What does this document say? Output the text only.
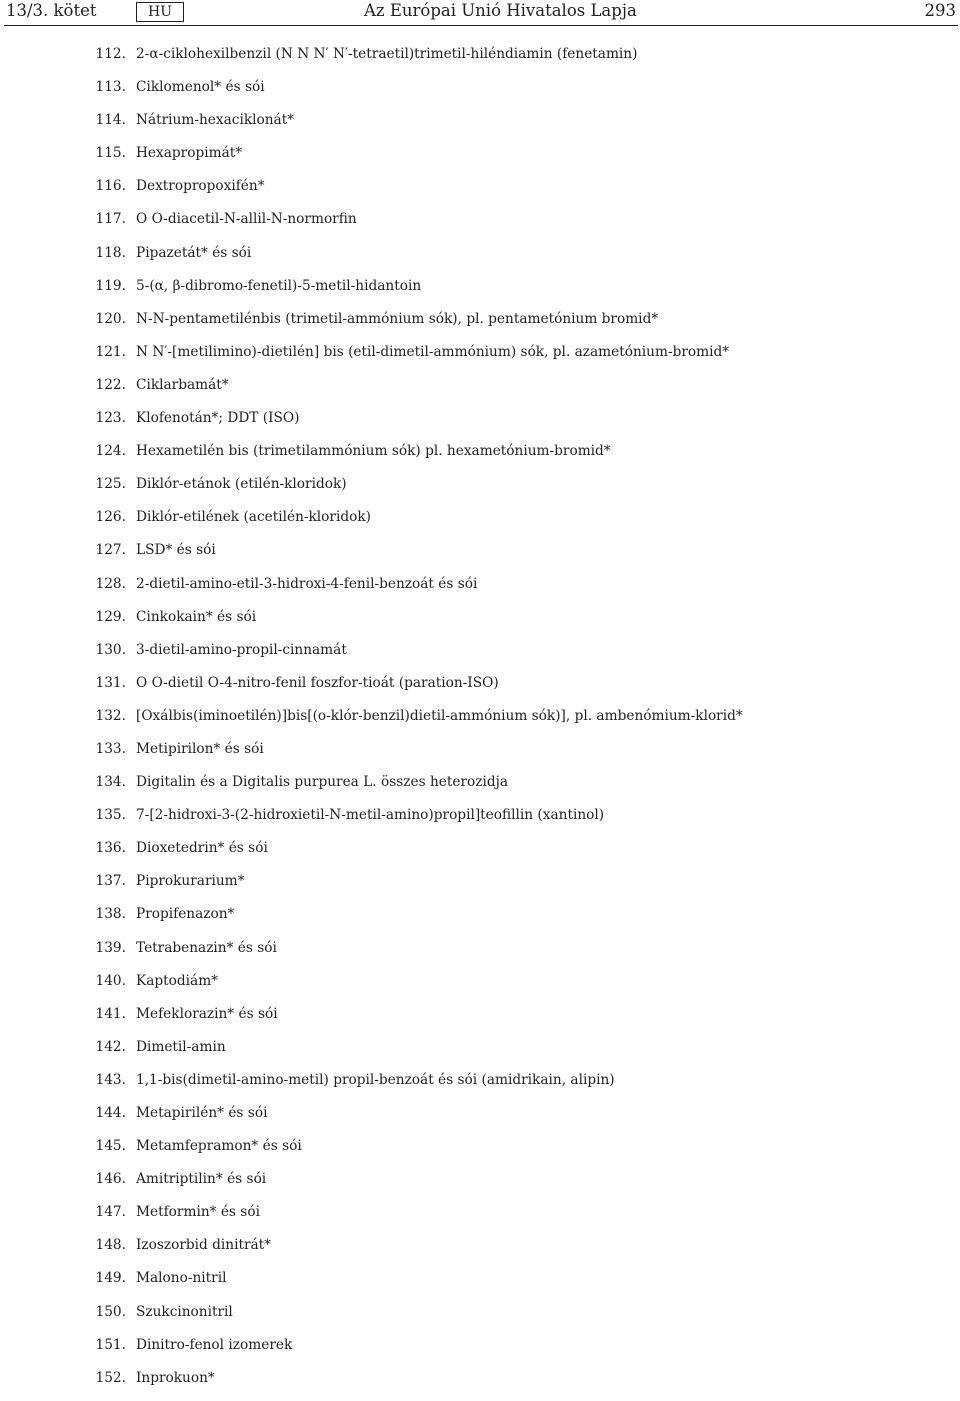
13/3. kötet	HU	Az Európai Unió Hivatalos Lapja	293
112. 2-α-ciklohexilbenzil (N N N′ N′-tetraetil)trimetil-hiléndiamin (fenetamin)
113. Ciklomenol* és sói
114. Nátrium-hexaciklonát*
115. Hexapropimát*
116. Dextropropoxifén*
117. O O-diacetil-N-allil-N-normorfin
118. Pipazetát* és sói
119. 5-(α, β-dibromo-fenetil)-5-metil-hidantoin
120. N-N-pentametilénbis (trimetil-ammónium sók), pl. pentametónium bromid*
121. N N′-[metilimino)-dietilén] bis (etil-dimetil-ammónium) sók, pl. azametónium-bromid*
122. Ciklarbamát*
123. Klofenotán*; DDT (ISO)
124. Hexametilén bis (trimetilammónium sók) pl. hexametónium-bromid*
125. Diklór-etánok (etilén-kloridok)
126. Diklór-etilének (acetilén-kloridok)
127. LSD* és sói
128. 2-dietil-amino-etil-3-hidroxi-4-fenil-benzoát és sói
129. Cinkokain* és sói
130. 3-dietil-amino-propil-cinnamát
131. O O-dietil O-4-nitro-fenil foszfor-tioát (paration-ISO)
132. [Oxálbis(iminoetilén)]bis[(o-klór-benzil)dietil-ammónium sók)], pl. ambenómium-klorid*
133. Metipirilon* és sói
134. Digitalin és a Digitalis purpurea L. összes heterozidja
135. 7-[2-hidroxi-3-(2-hidroxietil-N-metil-amino)propil]teofillin (xantinol)
136. Dioxetedrin* és sói
137. Piprokurarium*
138. Propifenazon*
139. Tetrabenazin* és sói
140. Kaptodiám*
141. Mefeklorazin* és sói
142. Dimetil-amin
143. 1,1-bis(dimetil-amino-metil) propil-benzoát és sói (amidrikain, alipin)
144. Metapirilén* és sói
145. Metamfepramon* és sói
146. Amitriptilin* és sói
147. Metformin* és sói
148. Izoszorbid dinitrát*
149. Malono-nitril
150. Szukcinonitril
151. Dinitro-fenol izomerek
152. Inprokuon*
